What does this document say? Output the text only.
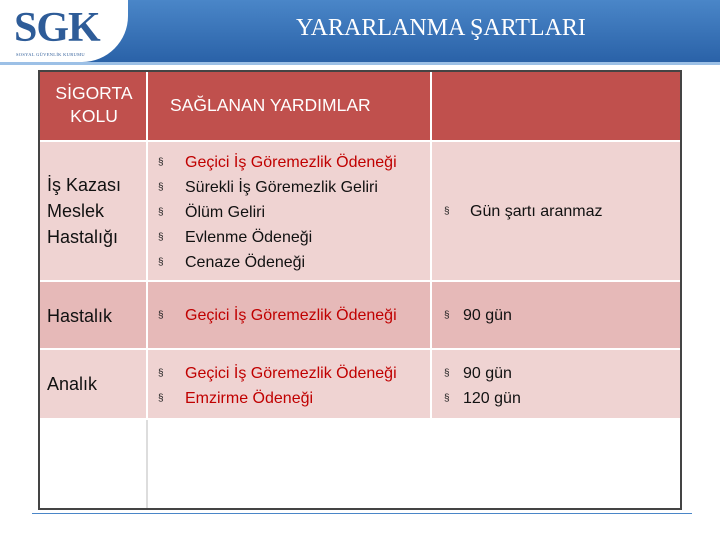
SGK
SOSYAL GÜVENLİK KURUMU
YARARLANMA ŞARTLARI
SİGORTA KOLU
SAĞLANAN YARDIMLAR
İş Kazası
Meslek
Hastalığı
§ Geçici İş Göremezlik Ödeneği
§ Sürekli İş Göremezlik Geliri
§ Ölüm Geliri
§ Evlenme Ödeneği
§ Cenaze Ödeneği
§ Gün şartı aranmaz
Hastalık	§ Geçici İş Göremezlik Ödeneği	§ 90 gün
Analık
§ Geçici İş Göremezlik Ödeneği
§ Emzirme Ödeneği
§ 90 gün
§ 120 gün
